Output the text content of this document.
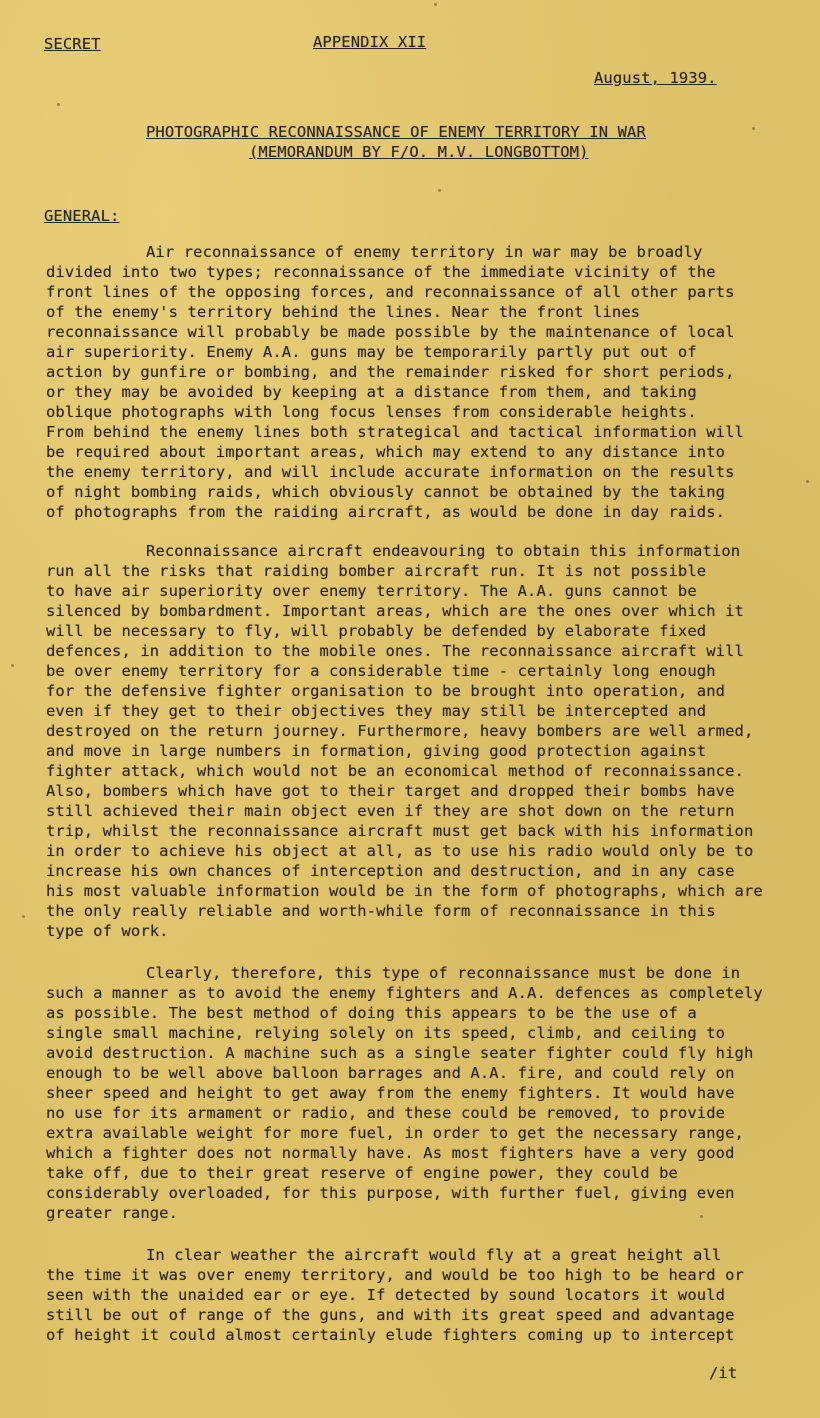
SECRET	APPENDIX XII
August, 1939.
PHOTOGRAPHIC RECONNAISSANCE OF ENEMY TERRITORY IN WAR
(MEMORANDUM BY F/O. M.V. LONGBOTTOM)
GENERAL:
Air reconnaissance of enemy territory in war may be broadly
divided into two types; reconnaissance of the immediate vicinity of the
front lines of the opposing forces, and reconnaissance of all other parts
of the enemy's territory behind the lines. Near the front lines
reconnaissance will probably be made possible by the maintenance of local
air superiority. Enemy A.A. guns may be temporarily partly put out of
action by gunfire or bombing, and the remainder risked for short periods,
or they may be avoided by keeping at a distance from them, and taking
oblique photographs with long focus lenses from considerable heights.
From behind the enemy lines both strategical and tactical information will
be required about important areas, which may extend to any distance into
the enemy territory, and will include accurate information on the results
of night bombing raids, which obviously cannot be obtained by the taking
of photographs from the raiding aircraft, as would be done in day raids.
Reconnaissance aircraft endeavouring to obtain this information
run all the risks that raiding bomber aircraft run. It is not possible
to have air superiority over enemy territory. The A.A. guns cannot be
silenced by bombardment. Important areas, which are the ones over which it
will be necessary to fly, will probably be defended by elaborate fixed
defences, in addition to the mobile ones. The reconnaissance aircraft will
be over enemy territory for a considerable time - certainly long enough
for the defensive fighter organisation to be brought into operation, and
even if they get to their objectives they may still be intercepted and
destroyed on the return journey. Furthermore, heavy bombers are well armed,
and move in large numbers in formation, giving good protection against
fighter attack, which would not be an economical method of reconnaissance.
Also, bombers which have got to their target and dropped their bombs have
still achieved their main object even if they are shot down on the return
trip, whilst the reconnaissance aircraft must get back with his information
in order to achieve his object at all, as to use his radio would only be to
increase his own chances of interception and destruction, and in any case
his most valuable information would be in the form of photographs, which are
the only really reliable and worth-while form of reconnaissance in this
type of work.
Clearly, therefore, this type of reconnaissance must be done in
such a manner as to avoid the enemy fighters and A.A. defences as completely
as possible. The best method of doing this appears to be the use of a
single small machine, relying solely on its speed, climb, and ceiling to
avoid destruction. A machine such as a single seater fighter could fly high
enough to be well above balloon barrages and A.A. fire, and could rely on
sheer speed and height to get away from the enemy fighters. It would have
no use for its armament or radio, and these could be removed, to provide
extra available weight for more fuel, in order to get the necessary range,
which a fighter does not normally have. As most fighters have a very good
take off, due to their great reserve of engine power, they could be
considerably overloaded, for this purpose, with further fuel, giving even
greater range.
In clear weather the aircraft would fly at a great height all
the time it was over enemy territory, and would be too high to be heard or
seen with the unaided ear or eye. If detected by sound locators it would
still be out of range of the guns, and with its great speed and advantage
of height it could almost certainly elude fighters coming up to intercept
/it
